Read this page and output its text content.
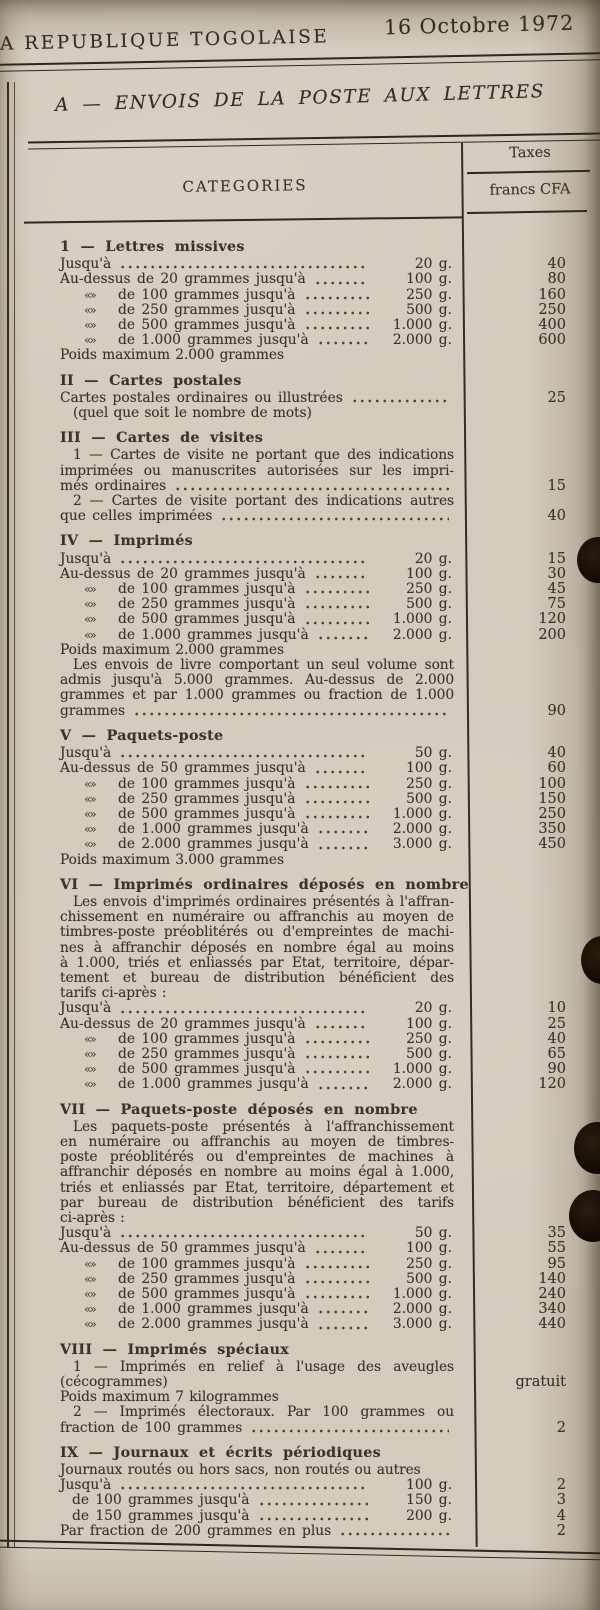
A REPUBLIQUE TOGOLAISE
16 Octobre 1972
A — ENVOIS DE LA POSTE AUX LETTRES
CATEGORIES
Taxes
francs CFA
1 — Lettres missives
Jusqu'à	20 g.	40
Au-dessus de 20 grammes jusqu'à	100 g.	80
«»	de 100 grammes jusqu'à	250 g.	160
«»	de 250 grammes jusqu'à	500 g.	250
«»	de 500 grammes jusqu'à	1.000 g.	400
«»	de 1.000 grammes jusqu'à	2.000 g.	600
Poids maximum 2.000 grammes
II — Cartes postales
Cartes postales ordinaires ou illustrées	25
(quel que soit le nombre de mots)
III — Cartes de visites
1 — Cartes de visite ne portant que des indications
imprimées ou manuscrites autorisées sur les impri-
més ordinaires	15
2 — Cartes de visite portant des indications autres
que celles imprimées	40
IV — Imprimés
Jusqu'à	20 g.	15
Au-dessus de 20 grammes jusqu'à	100 g.	30
«»	de 100 grammes jusqu'à	250 g.	45
«»	de 250 grammes jusqu'à	500 g.	75
«»	de 500 grammes jusqu'à	1.000 g.	120
«»	de 1.000 grammes jusqu'à	2.000 g.	200
Poids maximum 2.000 grammes
Les envois de livre comportant un seul volume sont
admis jusqu'à 5.000 grammes. Au-dessus de 2.000
grammes et par 1.000 grammes ou fraction de 1.000
grammes	90
V — Paquets-poste
Jusqu'à	50 g.	40
Au-dessus de 50 grammes jusqu'à	100 g.	60
«»	de 100 grammes jusqu'à	250 g.	100
«»	de 250 grammes jusqu'à	500 g.	150
«»	de 500 grammes jusqu'à	1.000 g.	250
«»	de 1.000 grammes jusqu'à	2.000 g.	350
«»	de 2.000 grammes jusqu'à	3.000 g.	450
Poids maximum 3.000 grammes
VI — Imprimés ordinaires déposés en nombre
Les envois d'imprimés ordinaires présentés à l'affran-
chissement en numéraire ou affranchis au moyen de
timbres-poste préoblitérés ou d'empreintes de machi-
nes à affranchir déposés en nombre égal au moins
à 1.000, triés et enliassés par Etat, territoire, dépar-
tement et bureau de distribution bénéficient des
tarifs ci-après :
Jusqu'à	20 g.	10
Au-dessus de 20 grammes jusqu'à	100 g.	25
«»	de 100 grammes jusqu'à	250 g.	40
«»	de 250 grammes jusqu'à	500 g.	65
«»	de 500 grammes jusqu'à	1.000 g.	90
«»	de 1.000 grammes jusqu'à	2.000 g.	120
VII — Paquets-poste déposés en nombre
Les paquets-poste présentés à l'affranchissement
en numéraire ou affranchis au moyen de timbres-
poste préoblitérés ou d'empreintes de machines à
affranchir déposés en nombre au moins égal à 1.000,
triés et enliassés par Etat, territoire, département et
par bureau de distribution bénéficient des tarifs
ci-après :
Jusqu'à	50 g.	35
Au-dessus de 50 grammes jusqu'à	100 g.	55
«»	de 100 grammes jusqu'à	250 g.	95
«»	de 250 grammes jusqu'à	500 g.	140
«»	de 500 grammes jusqu'à	1.000 g.	240
«»	de 1.000 grammes jusqu'à	2.000 g.	340
«»	de 2.000 grammes jusqu'à	3.000 g.	440
VIII — Imprimés spéciaux
1 — Imprimés en relief à l'usage des aveugles
(cécogrammes)	gratuit
Poids maximum 7 kilogrammes
2 — Imprimés électoraux. Par 100 grammes ou
fraction de 100 grammes	2
IX — Journaux et écrits périodiques
Journaux routés ou hors sacs, non routés ou autres
Jusqu'à	100 g.	2
de 100 grammes jusqu'à	150 g.	3
de 150 grammes jusqu'à	200 g.	4
Par fraction de 200 grammes en plus	2
